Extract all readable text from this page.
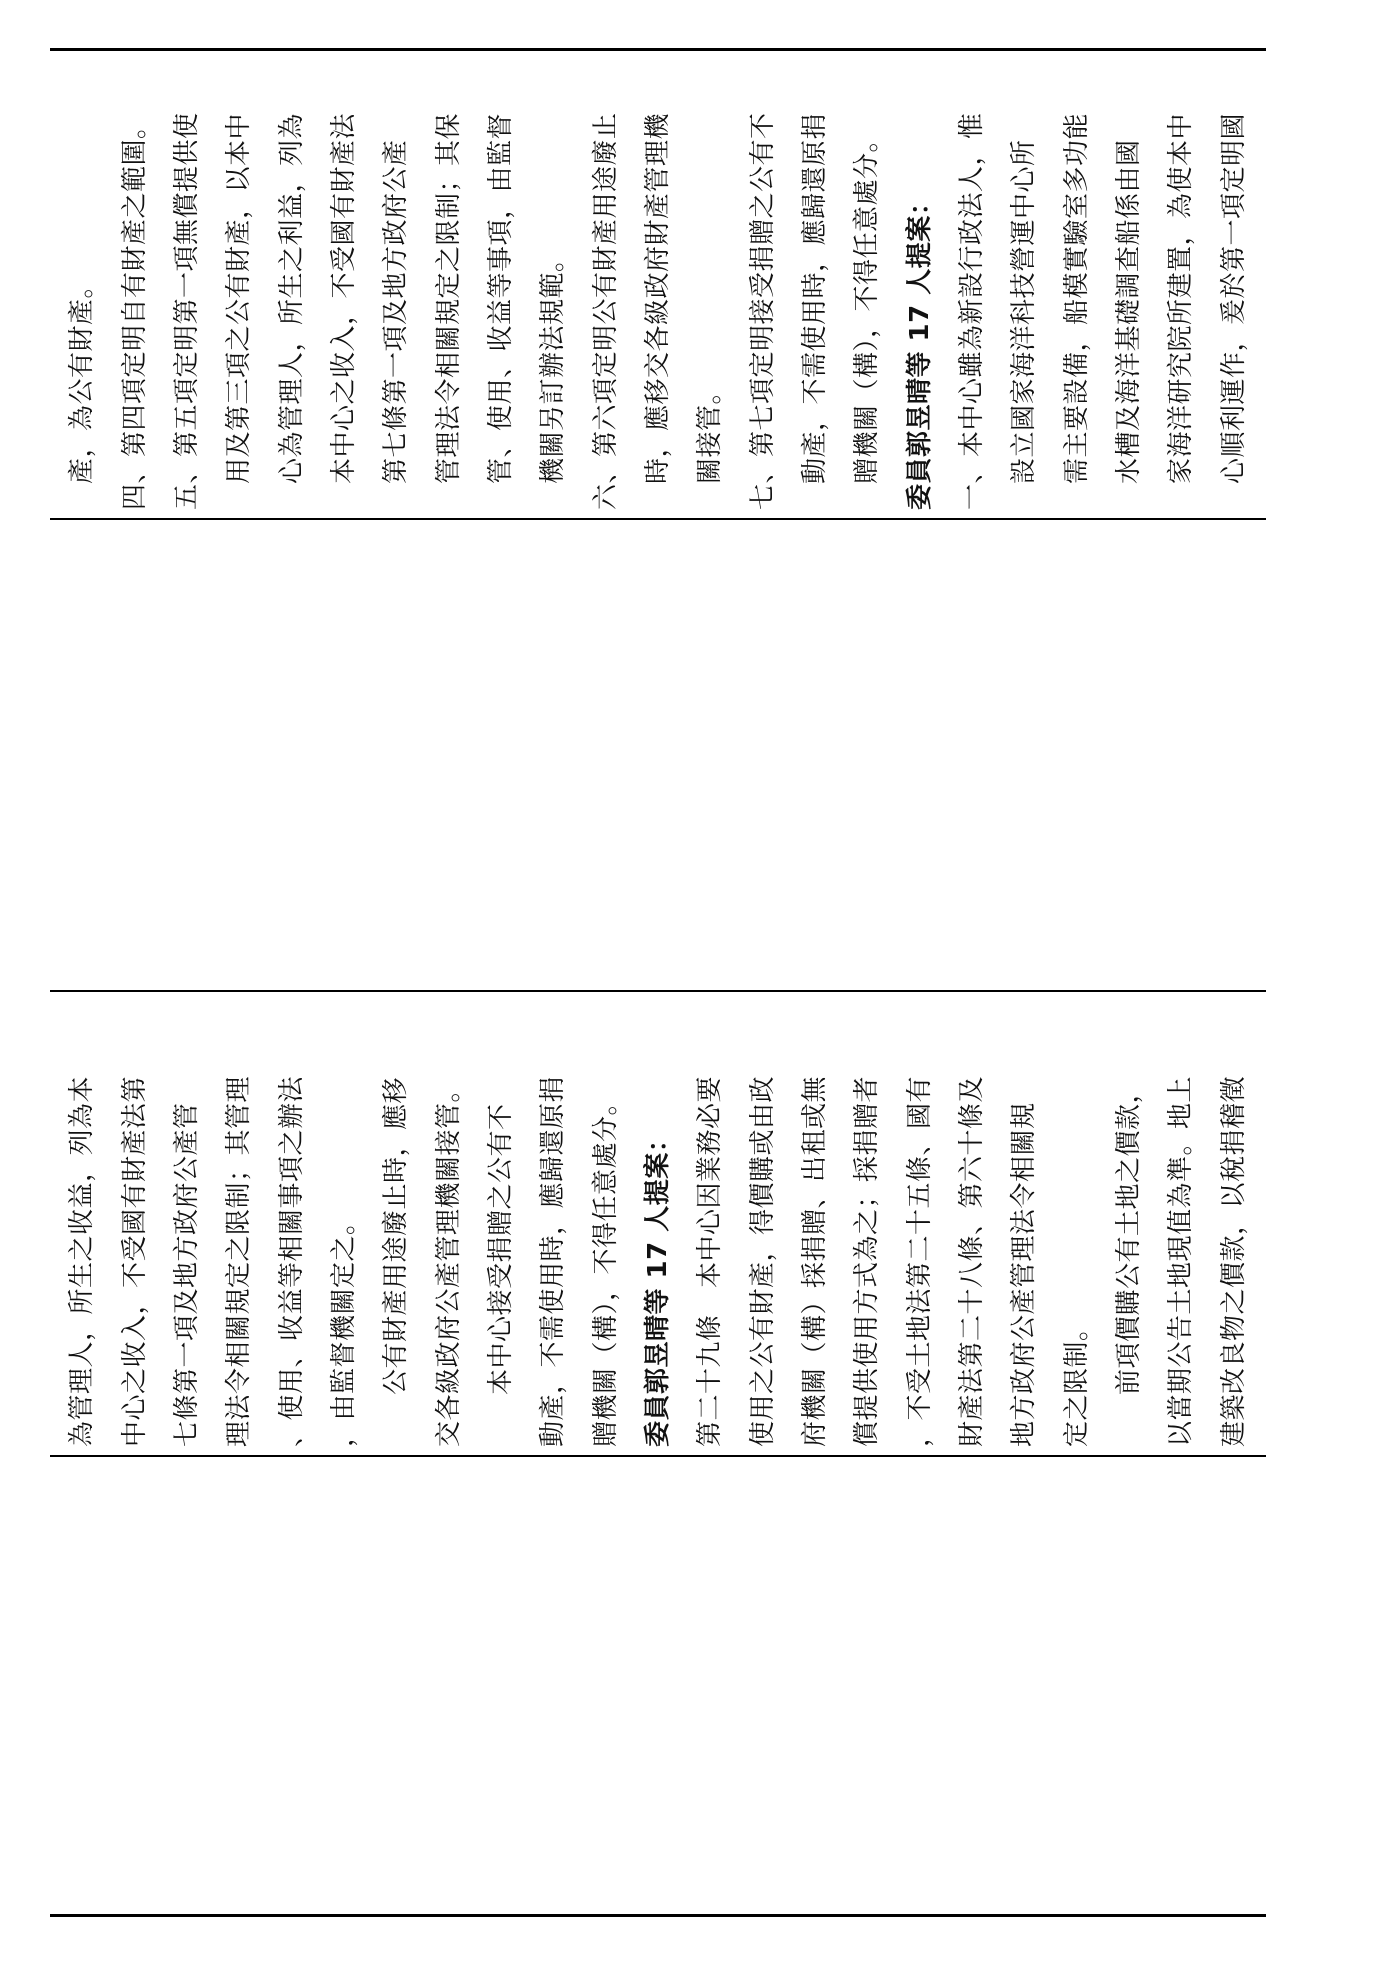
產，為公有財產。 四、第四項定明自有財產之範圍。 五、第五項定明第一項無償提供使 用及第三項之公有財產，以本中 心為管理人，所生之利益，列為 本中心之收入，不受國有財產法 第七條第一項及地方政府公產 管理法令相關規定之限制；其保 管、使用、收益等事項，由監督 機關另訂辦法規範。 六、第六項定明公有財產用途廢止 時，應移交各級政府財產管理機 關接管。 七、第七項定明接受捐贈之公有不 動產，不需使用時，應歸還原捐 贈機關（構），不得任意處分。 委員郭昱晴等 17 人提案： 一、本中心雖為新設行政法人，惟 設立國家海洋科技營運中心所 需主要設備，船模實驗室多功能 水槽及海洋基礎調查船係由國 家海洋研究院所建置，為使本中 心順利運作，爰於第一項定明國
為管理人，所生之收益，列為本 中心之收入，不受國有財產法第 七條第一項及地方政府公產管 理法令相關規定之限制；其管理 、使用、收益等相關事項之辦法 ，由監督機關定之。 公有財產用途廢止時，應移 交各級政府公產管理機關接管。 本中心接受捐贈之公有不 動產，不需使用時，應歸還原捐 贈機關（構），不得任意處分。 委員郭昱晴等 17 人提案： 第二十九條　本中心因業務必要 使用之公有財產，得價購或由政 府機關（構）採捐贈、出租或無 償提供使用方式為之；採捐贈者 ，不受土地法第二十五條、國有 財產法第二十八條、第六十條及 地方政府公產管理法令相關規 定之限制。 前項價購公有土地之價款， 以當期公告土地現值為準。地上 建築改良物之價款，以稅捐稽徵
